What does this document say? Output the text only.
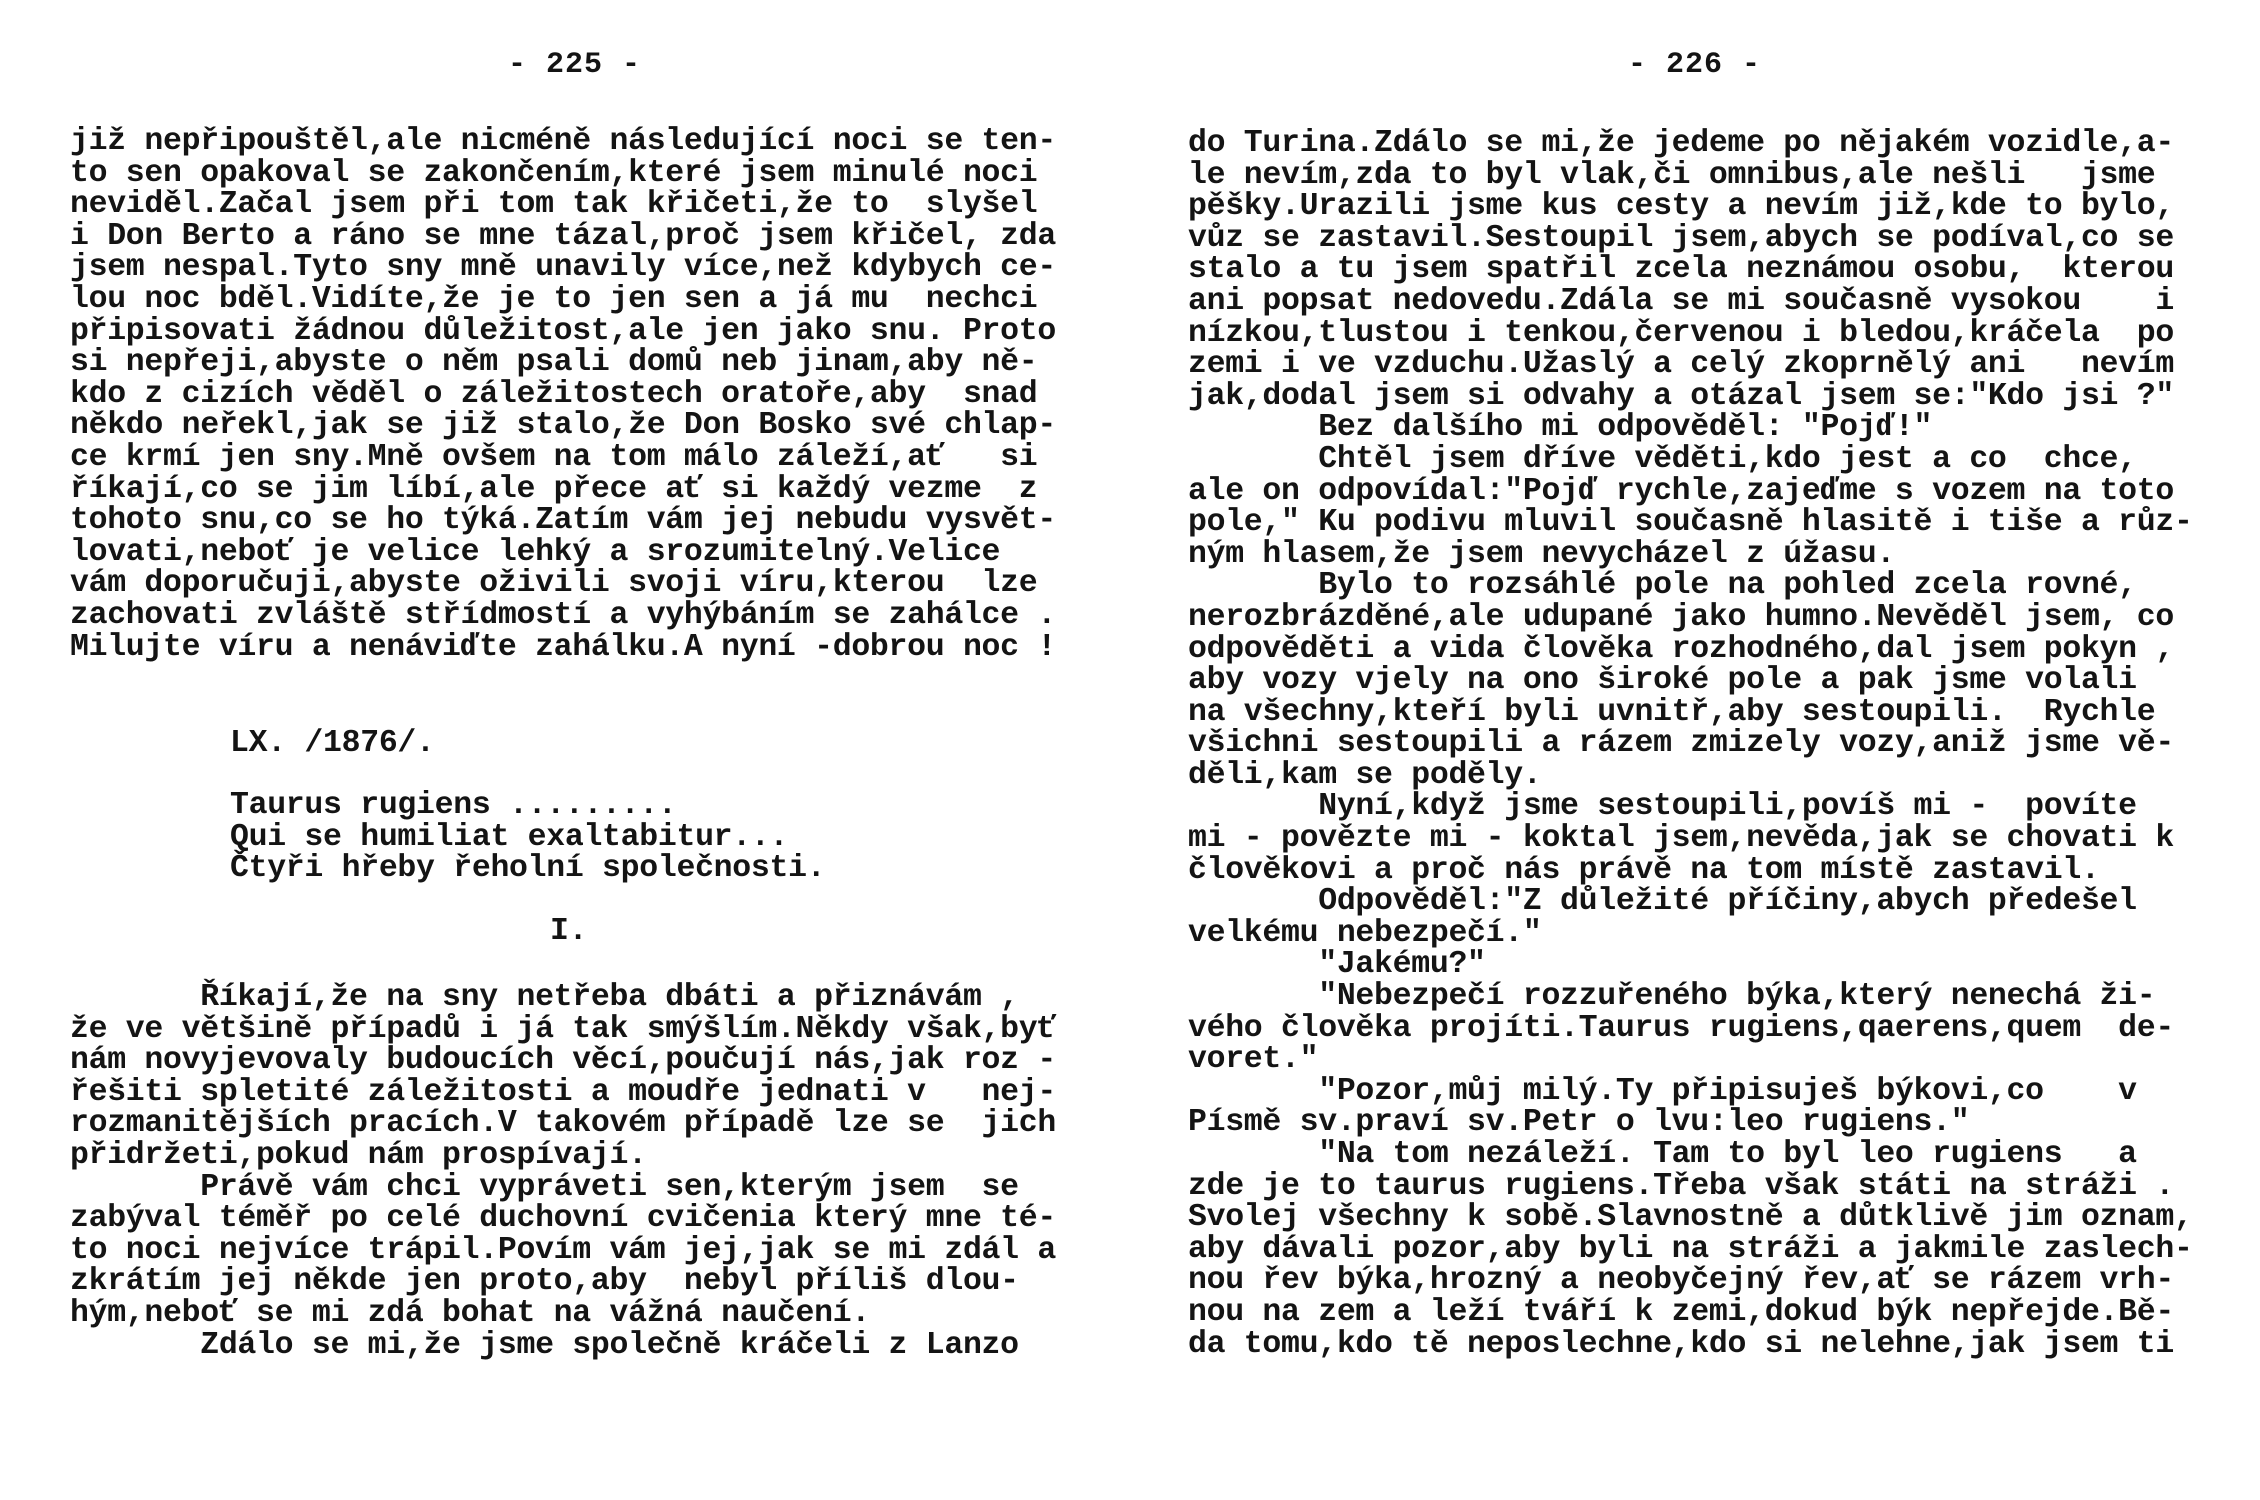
- 225 -
již nepřipouštěl,ale nicméně následující noci se ten-
to sen opakoval se zakončením,které jsem minulé noci
neviděl.Začal jsem při tom tak křičeti,že to  slyšel
i Don Berto a ráno se mne tázal,proč jsem křičel, zda
jsem nespal.Tyto sny mně unavily více,než kdybych ce-
lou noc bděl.Vidíte,že je to jen sen a já mu  nechci
připisovati žádnou důležitost,ale jen jako snu. Proto
si nepřeji,abyste o něm psali domů neb jinam,aby ně-
kdo z cizích věděl o záležitostech oratoře,aby  snad
někdo neřekl,jak se již stalo,že Don Bosko své chlap-
ce krmí jen sny.Mně ovšem na tom málo záleží,ať   si
říkají,co se jim líbí,ale přece ať si každý vezme  z
tohoto snu,co se ho týká.Zatím vám jej nebudu vysvět-
lovati,neboť je velice lehký a srozumitelný.Velice
vám doporučuji,abyste oživili svoji víru,kterou  lze
zachovati zvláště střídmostí a vyhýbáním se zahálce .
Milujte víru a nenáviďte zahálku.A nyní -dobrou noc !
LX. /1876/.
Taurus rugiens .........
Qui se humiliat exaltabitur...
Čtyři hřeby řeholní společnosti.
I.
Říkají,že na sny netřeba dbáti a přiznávám ,
že ve většině případů i já tak smýšlím.Někdy však,byť
nám novyjevovaly budoucích věcí,poučují nás,jak roz -
řešiti spletité záležitosti a moudře jednati v   nej-
rozmanitějších pracích.V takovém případě lze se  jich
přidržeti,pokud nám prospívají.
Právě vám chci vypráveti sen,kterým jsem  se
zabýval téměř po celé duchovní cvičenia který mne té-
to noci nejvíce trápil.Povím vám jej,jak se mi zdál a
zkrátím jej někde jen proto,aby  nebyl příliš dlou-
hým,neboť se mi zdá bohat na vážná naučení.
Zdálo se mi,že jsme společně kráčeli z Lanzo
- 226 -
do Turina.Zdálo se mi,že jedeme po nějakém vozidle,a-
le nevím,zda to byl vlak,či omnibus,ale nešli   jsme
pěšky.Urazili jsme kus cesty a nevím již,kde to bylo,
vůz se zastavil.Sestoupil jsem,abych se podíval,co se
stalo a tu jsem spatřil zcela neznámou osobu,  kterou
ani popsat nedovedu.Zdála se mi současně vysokou    i
nízkou,tlustou i tenkou,červenou i bledou,kráčela  po
zemi i ve vzduchu.Užaslý a celý zkoprnělý ani   nevím
jak,dodal jsem si odvahy a otázal jsem se:"Kdo jsi ?"
Bez dalšího mi odpověděl: "Pojď!"
Chtěl jsem dříve věděti,kdo jest a co  chce,
ale on odpovídal:"Pojď rychle,zajeďme s vozem na toto
pole," Ku podivu mluvil současně hlasitě i tiše a růz-
ným hlasem,že jsem nevycházel z úžasu.
Bylo to rozsáhlé pole na pohled zcela rovné,
nerozbrázděné,ale udupané jako humno.Nevěděl jsem, co
odpověděti a vida člověka rozhodného,dal jsem pokyn ,
aby vozy vjely na ono široké pole a pak jsme volali
na všechny,kteří byli uvnitř,aby sestoupili.  Rychle
všichni sestoupili a rázem zmizely vozy,aniž jsme vě-
děli,kam se poděly.
Nyní,když jsme sestoupili,povíš mi -  povíte
mi - povězte mi - koktal jsem,nevěda,jak se chovati k
člověkovi a proč nás právě na tom místě zastavil.
Odpověděl:"Z důležité příčiny,abych předešel
velkému nebezpečí."
"Jakému?"
"Nebezpečí rozzuřeného býka,který nenechá ži-
vého člověka projíti.Taurus rugiens,qaerens,quem  de-
voret."
"Pozor,můj milý.Ty připisuješ býkovi,co    v
Písmě sv.praví sv.Petr o lvu:leo rugiens."
"Na tom nezáleží. Tam to byl leo rugiens   a
zde je to taurus rugiens.Třeba však státi na stráži .
Svolej všechny k sobě.Slavnostně a důtklivě jim oznam,
aby dávali pozor,aby byli na stráži a jakmile zaslech-
nou řev býka,hrozný a neobyčejný řev,ať se rázem vrh-
nou na zem a leží tváří k zemi,dokud býk nepřejde.Bě-
da tomu,kdo tě neposlechne,kdo si nelehne,jak jsem ti
